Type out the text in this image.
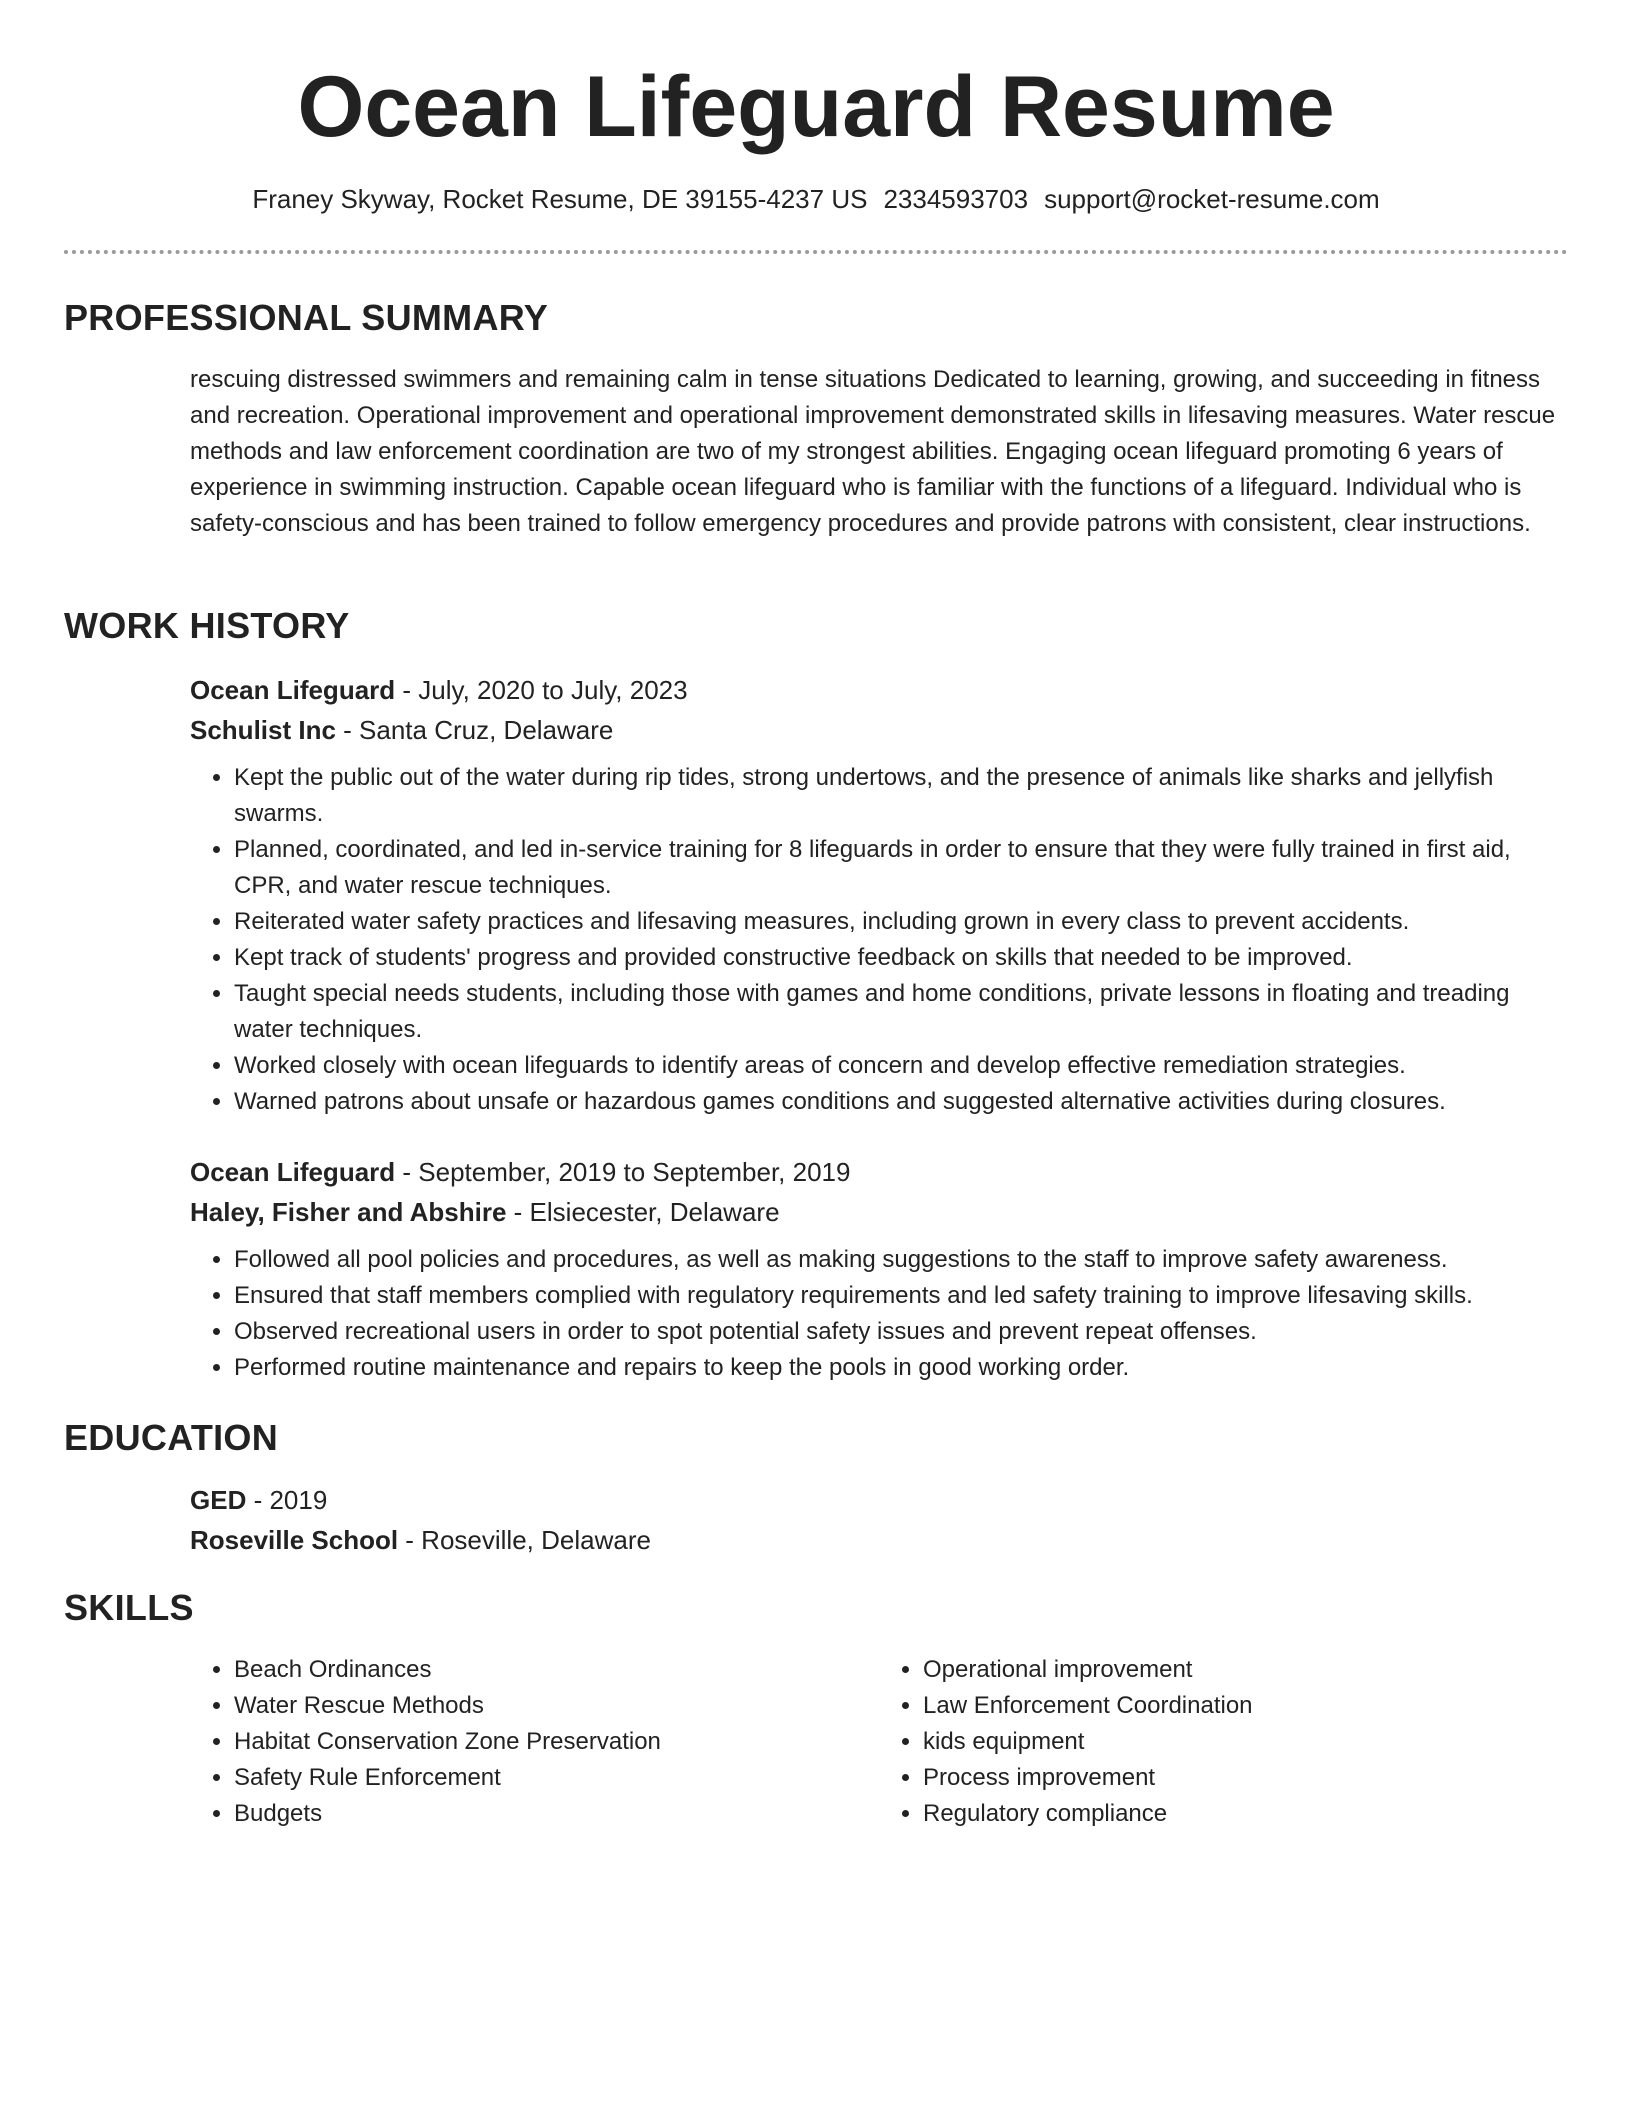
Ocean Lifeguard Resume
Franey Skyway, Rocket Resume, DE 39155-4237 US 2334593703 support@rocket-resume.com
PROFESSIONAL SUMMARY

rescuing distressed swimmers and remaining calm in tense situations Dedicated to learning, growing, and succeeding in fitness and recreation. Operational improvement and operational improvement demonstrated skills in lifesaving measures. Water rescue methods and law enforcement coordination are two of my strongest abilities. Engaging ocean lifeguard promoting 6 years of experience in swimming instruction. Capable ocean lifeguard who is familiar with the functions of a lifeguard. Individual who is safety-conscious and has been trained to follow emergency procedures and provide patrons with consistent, clear instructions.

WORK HISTORY
Ocean Lifeguard - July, 2020 to July, 2023
Schulist Inc - Santa Cruz, Delaware
• Kept the public out of the water during rip tides, strong undertows, and the presence of animals like sharks and jellyfish swarms.
• Planned, coordinated, and led in-service training for 8 lifeguards in order to ensure that they were fully trained in first aid, CPR, and water rescue techniques.
• Reiterated water safety practices and lifesaving measures, including grown in every class to prevent accidents.
• Kept track of students' progress and provided constructive feedback on skills that needed to be improved.
• Taught special needs students, including those with games and home conditions, private lessons in floating and treading water techniques.
• Worked closely with ocean lifeguards to identify areas of concern and develop effective remediation strategies.
• Warned patrons about unsafe or hazardous games conditions and suggested alternative activities during closures.
Ocean Lifeguard - September, 2019 to September, 2019
Haley, Fisher and Abshire - Elsiecester, Delaware
• Followed all pool policies and procedures, as well as making suggestions to the staff to improve safety awareness.
• Ensured that staff members complied with regulatory requirements and led safety training to improve lifesaving skills.
• Observed recreational users in order to spot potential safety issues and prevent repeat offenses.
• Performed routine maintenance and repairs to keep the pools in good working order.
EDUCATION
GED - 2019
Roseville School - Roseville, Delaware
SKILLS
• Beach Ordinances
• Water Rescue Methods
• Habitat Conservation Zone Preservation
• Safety Rule Enforcement
• Budgets
• Operational improvement
• Law Enforcement Coordination
• kids equipment
• Process improvement
• Regulatory compliance
